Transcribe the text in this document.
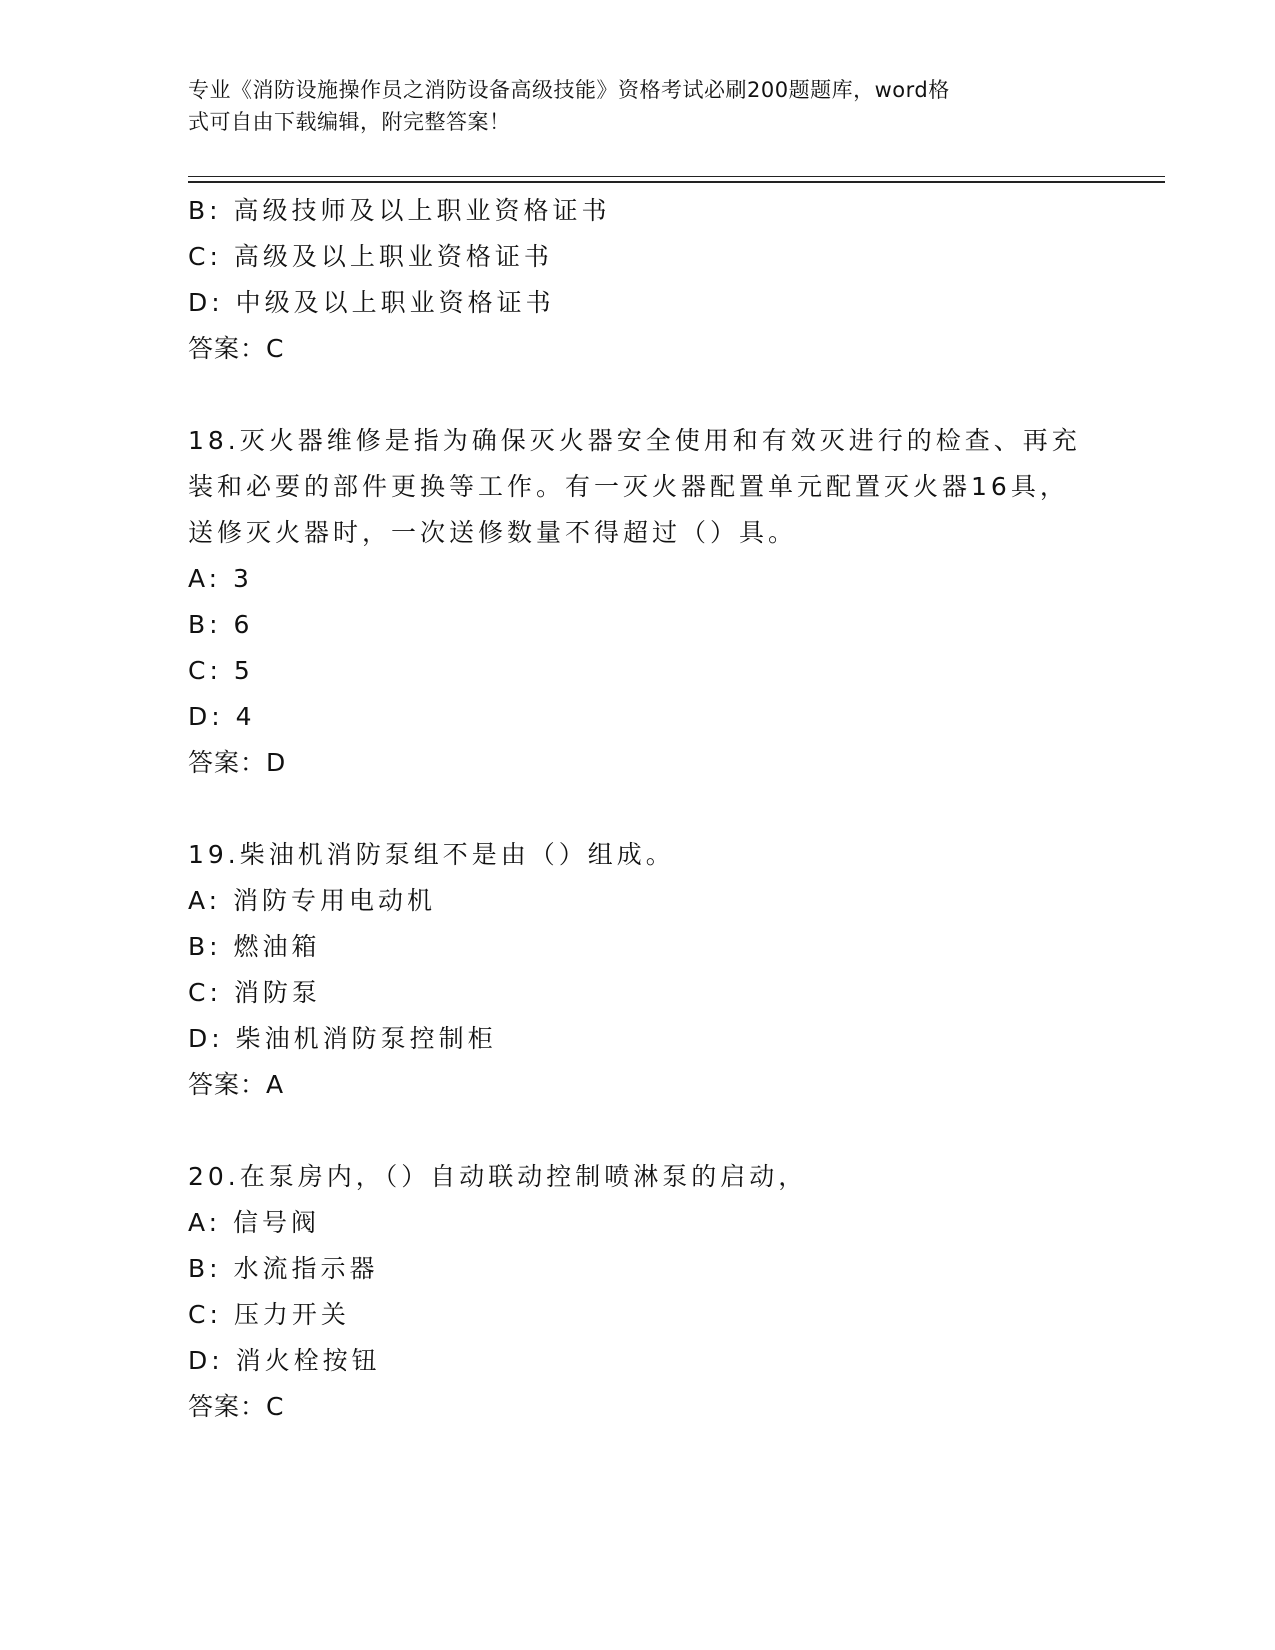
专业《消防设施操作员之消防设备高级技能》资格考试必刷200题题库，word格
式可自由下载编辑，附完整答案！
B: 高级技师及以上职业资格证书
C: 高级及以上职业资格证书
D: 中级及以上职业资格证书
答案：C
18.灭火器维修是指为确保灭火器安全使用和有效灭进行的检查、再充
装和必要的部件更换等工作。有一灭火器配置单元配置灭火器16具，
送修灭火器时，一次送修数量不得超过（）具。
A: 3
B: 6
C: 5
D: 4
答案：D
19.柴油机消防泵组不是由（）组成。
A: 消防专用电动机
B: 燃油箱
C: 消防泵
D: 柴油机消防泵控制柜
答案：A
20.在泵房内，（）自动联动控制喷淋泵的启动，
A: 信号阀
B: 水流指示器
C: 压力开关
D: 消火栓按钮
答案：C
